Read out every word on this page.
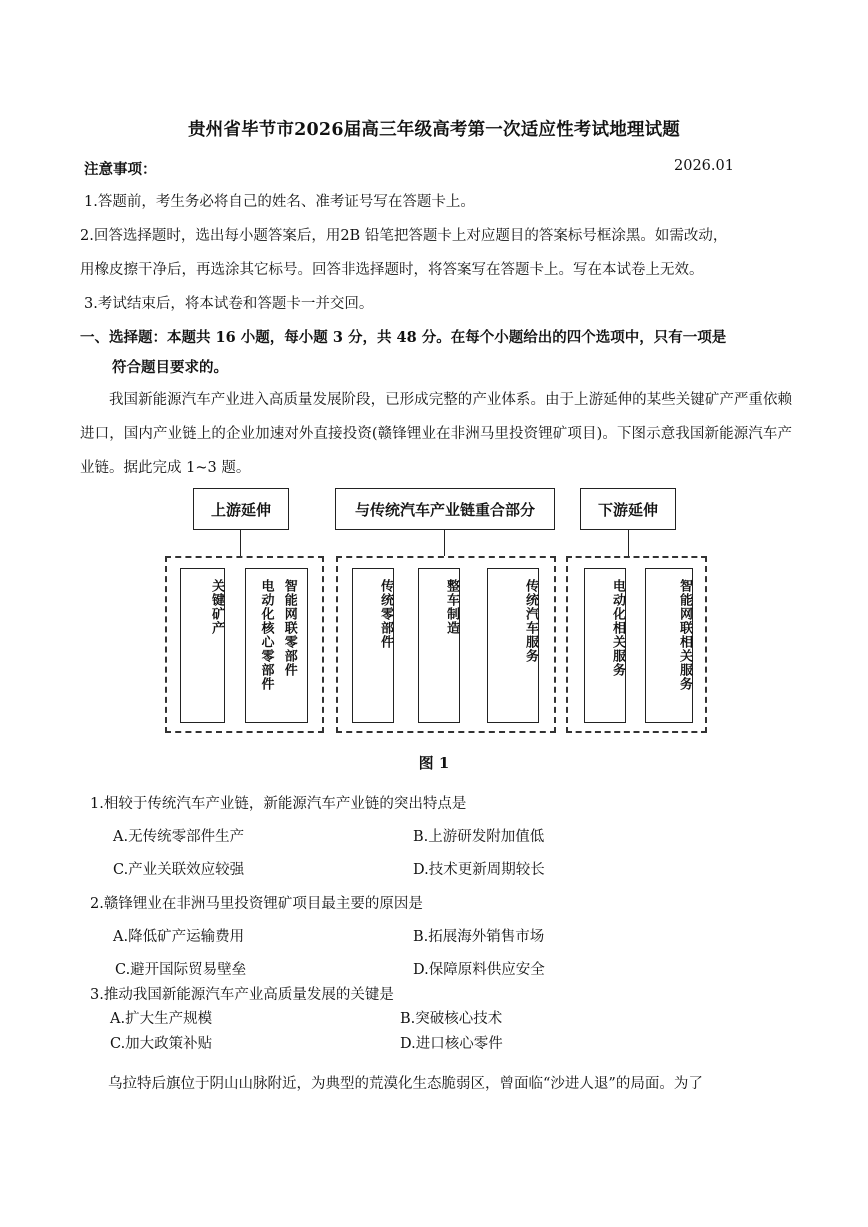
贵州省毕节市2026届高三年级高考第一次适应性考试地理试题
注意事项：	2026.01
1.答题前，考生务必将自己的姓名、准考证号写在答题卡上。
2.回答选择题时，选出每小题答案后，用2B 铅笔把答题卡上对应题目的答案标号框涂黑。如需改动，
用橡皮擦干净后，再选涂其它标号。回答非选择题时，将答案写在答题卡上。写在本试卷上无效。
3.考试结束后，将本试卷和答题卡一并交回。
一、选择题：本题共 16 小题，每小题 3 分，共 48 分。在每个小题给出的四个选项中，只有一项是
符合题目要求的。
我国新能源汽车产业进入高质量发展阶段，已形成完整的产业体系。由于上游延伸的某些关键矿产严重依赖进口，国内产业链上的企业加速对外直接投资(赣锋锂业在非洲马里投资锂矿项目)。下图示意我国新能源汽车产业链。据此完成 1~3 题。
上游延伸	与传统汽车产业链重合部分	下游延伸
关键矿产	智能网联零部件
电动化核心零部件	传统零部件	整车制造	传统汽车服务	电动化相关服务	智能网联相关服务
图 1
1.相较于传统汽车产业链，新能源汽车产业链的突出特点是
A.无传统零部件生产	B.上游研发附加值低
C.产业关联效应较强	D.技术更新周期较长
2.赣锋锂业在非洲马里投资锂矿项目最主要的原因是
A.降低矿产运输费用	B.拓展海外销售市场
C.避开国际贸易壁垒	D.保障原料供应安全
3.推动我国新能源汽车产业高质量发展的关键是
A.扩大生产规模	B.突破核心技术
C.加大政策补贴	D.进口核心零件
乌拉特后旗位于阴山山脉附近，为典型的荒漠化生态脆弱区，曾面临“沙进人退”的局面。为了
